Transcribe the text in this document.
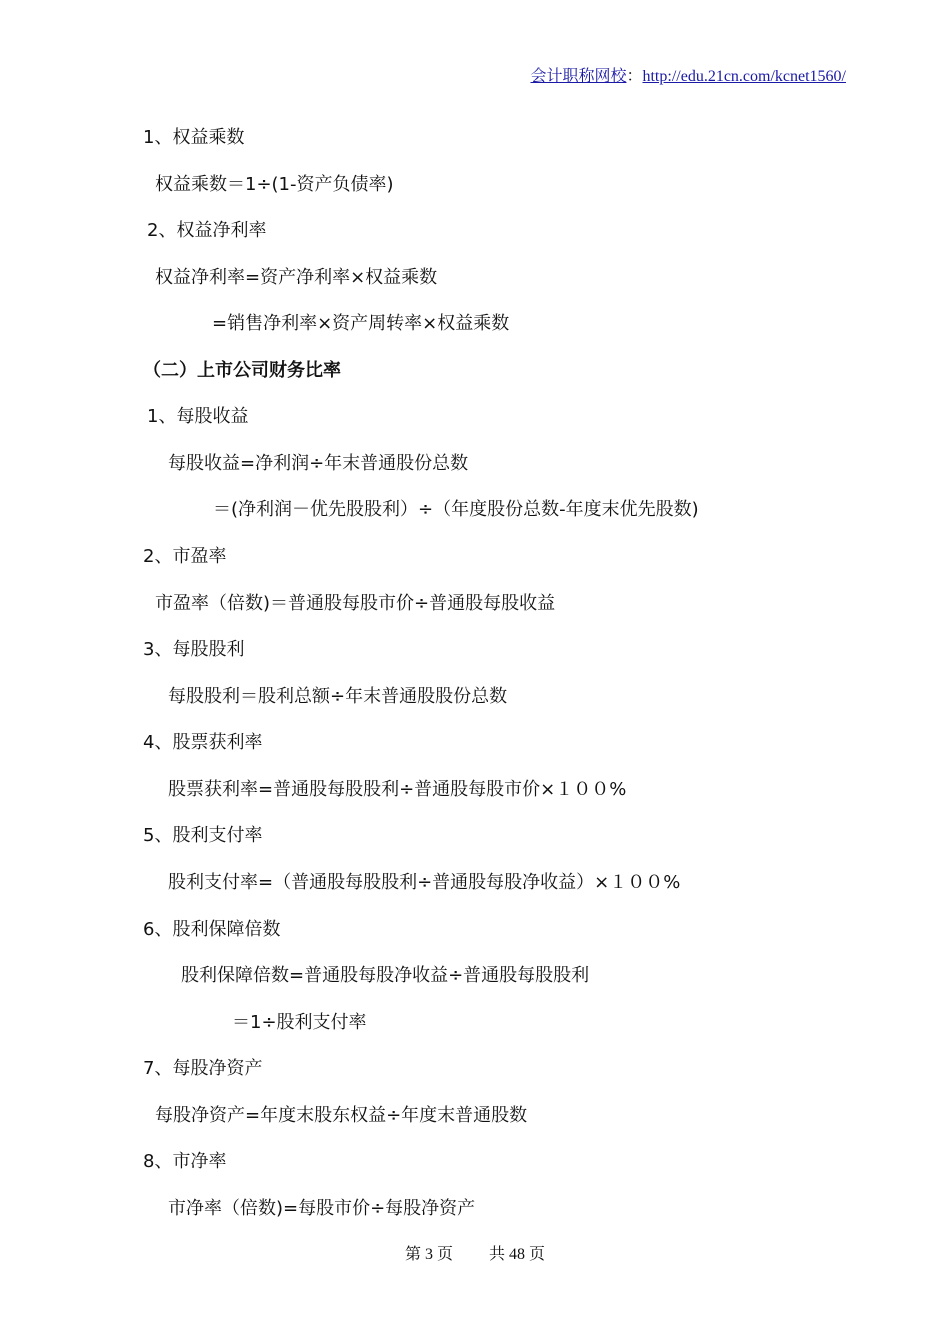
会计职称网校：http://edu.21cn.com/kcnet1560/
1、权益乘数
权益乘数＝1÷(1-资产负债率)
2、权益净利率
权益净利率=资产净利率×权益乘数
=销售净利率×资产周转率×权益乘数
（二）上市公司财务比率
1、每股收益
每股收益=净利润÷年末普通股份总数
＝(净利润－优先股股利）÷（年度股份总数-年度末优先股数)
2、市盈率
市盈率（倍数)＝普通股每股市价÷普通股每股收益
3、每股股利
每股股利＝股利总额÷年末普通股股份总数
4、股票获利率
股票获利率=普通股每股股利÷普通股每股市价×１００%
5、股利支付率
股利支付率=（普通股每股股利÷普通股每股净收益）×１００%
6、股利保障倍数
股利保障倍数=普通股每股净收益÷普通股每股股利
＝1÷股利支付率
7、每股净资产
每股净资产=年度末股东权益÷年度末普通股数
8、市净率
市净率（倍数)=每股市价÷每股净资产
第 3 页 共 48 页
